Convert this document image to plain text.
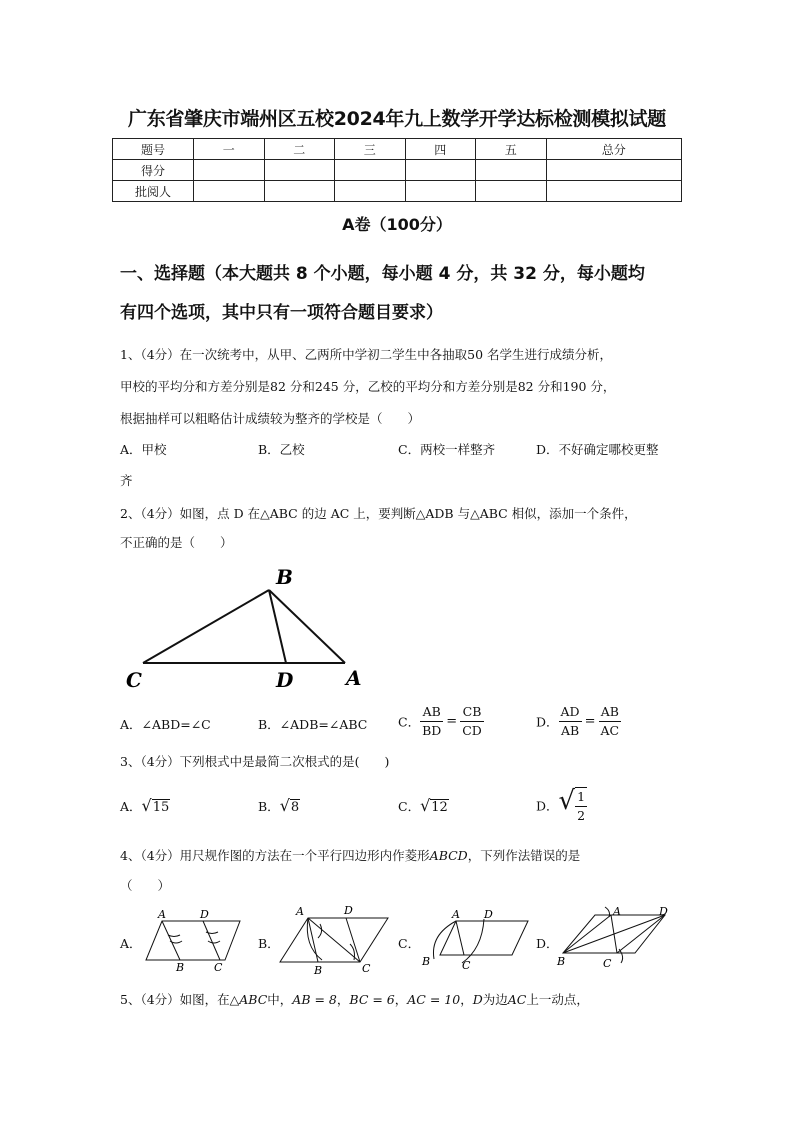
广东省肇庆市端州区五校2024年九上数学开学达标检测模拟试题
题号	一	二	三	四	五	总分
得分						
批阅人						
A卷（100分）
一、选择题（本大题共 8 个小题，每小题 4 分，共 32 分，每小题均
有四个选项，其中只有一项符合题目要求）
1、（4分）在一次统考中，从甲、乙两所中学初二学生中各抽取50 名学生进行成绩分析，
甲校的平均分和方差分别是82 分和245 分，乙校的平均分和方差分别是82 分和190 分，
根据抽样可以粗略估计成绩较为整齐的学校是（　　）
A．甲校	B．乙校	C．两校一样整齐	D．不好确定哪校更整
齐
2、（4分）如图，点 D 在△ABC 的边 AC 上，要判断△ADB 与△ABC 相似，添加一个条件，
不正确的是（　　）
B
C	D	A
A．∠ABD=∠C	B．∠ADB=∠ABC C． $\frac{AB}{BD} = \frac{CB}{CD}$	D． $\frac{AD}{AB} = \frac{AB}{AC}$
3、（4分）下列根式中是最简二次根式的是(　　)
A．√15	B．√8	C．√12	D．√ $\frac{1}{2}$
4、（4分）用尺规作图的方法在一个平行四边形内作菱形ABCD，下列作法错误的是
（　　）
A．
A	D
B	C
B．
A	D
B	C
C．
A D
B	C
D．
A	D
B	C
5、（4分）如图，在△ABC中，AB = 8，BC = 6，AC = 10，D为边AC上一动点，
